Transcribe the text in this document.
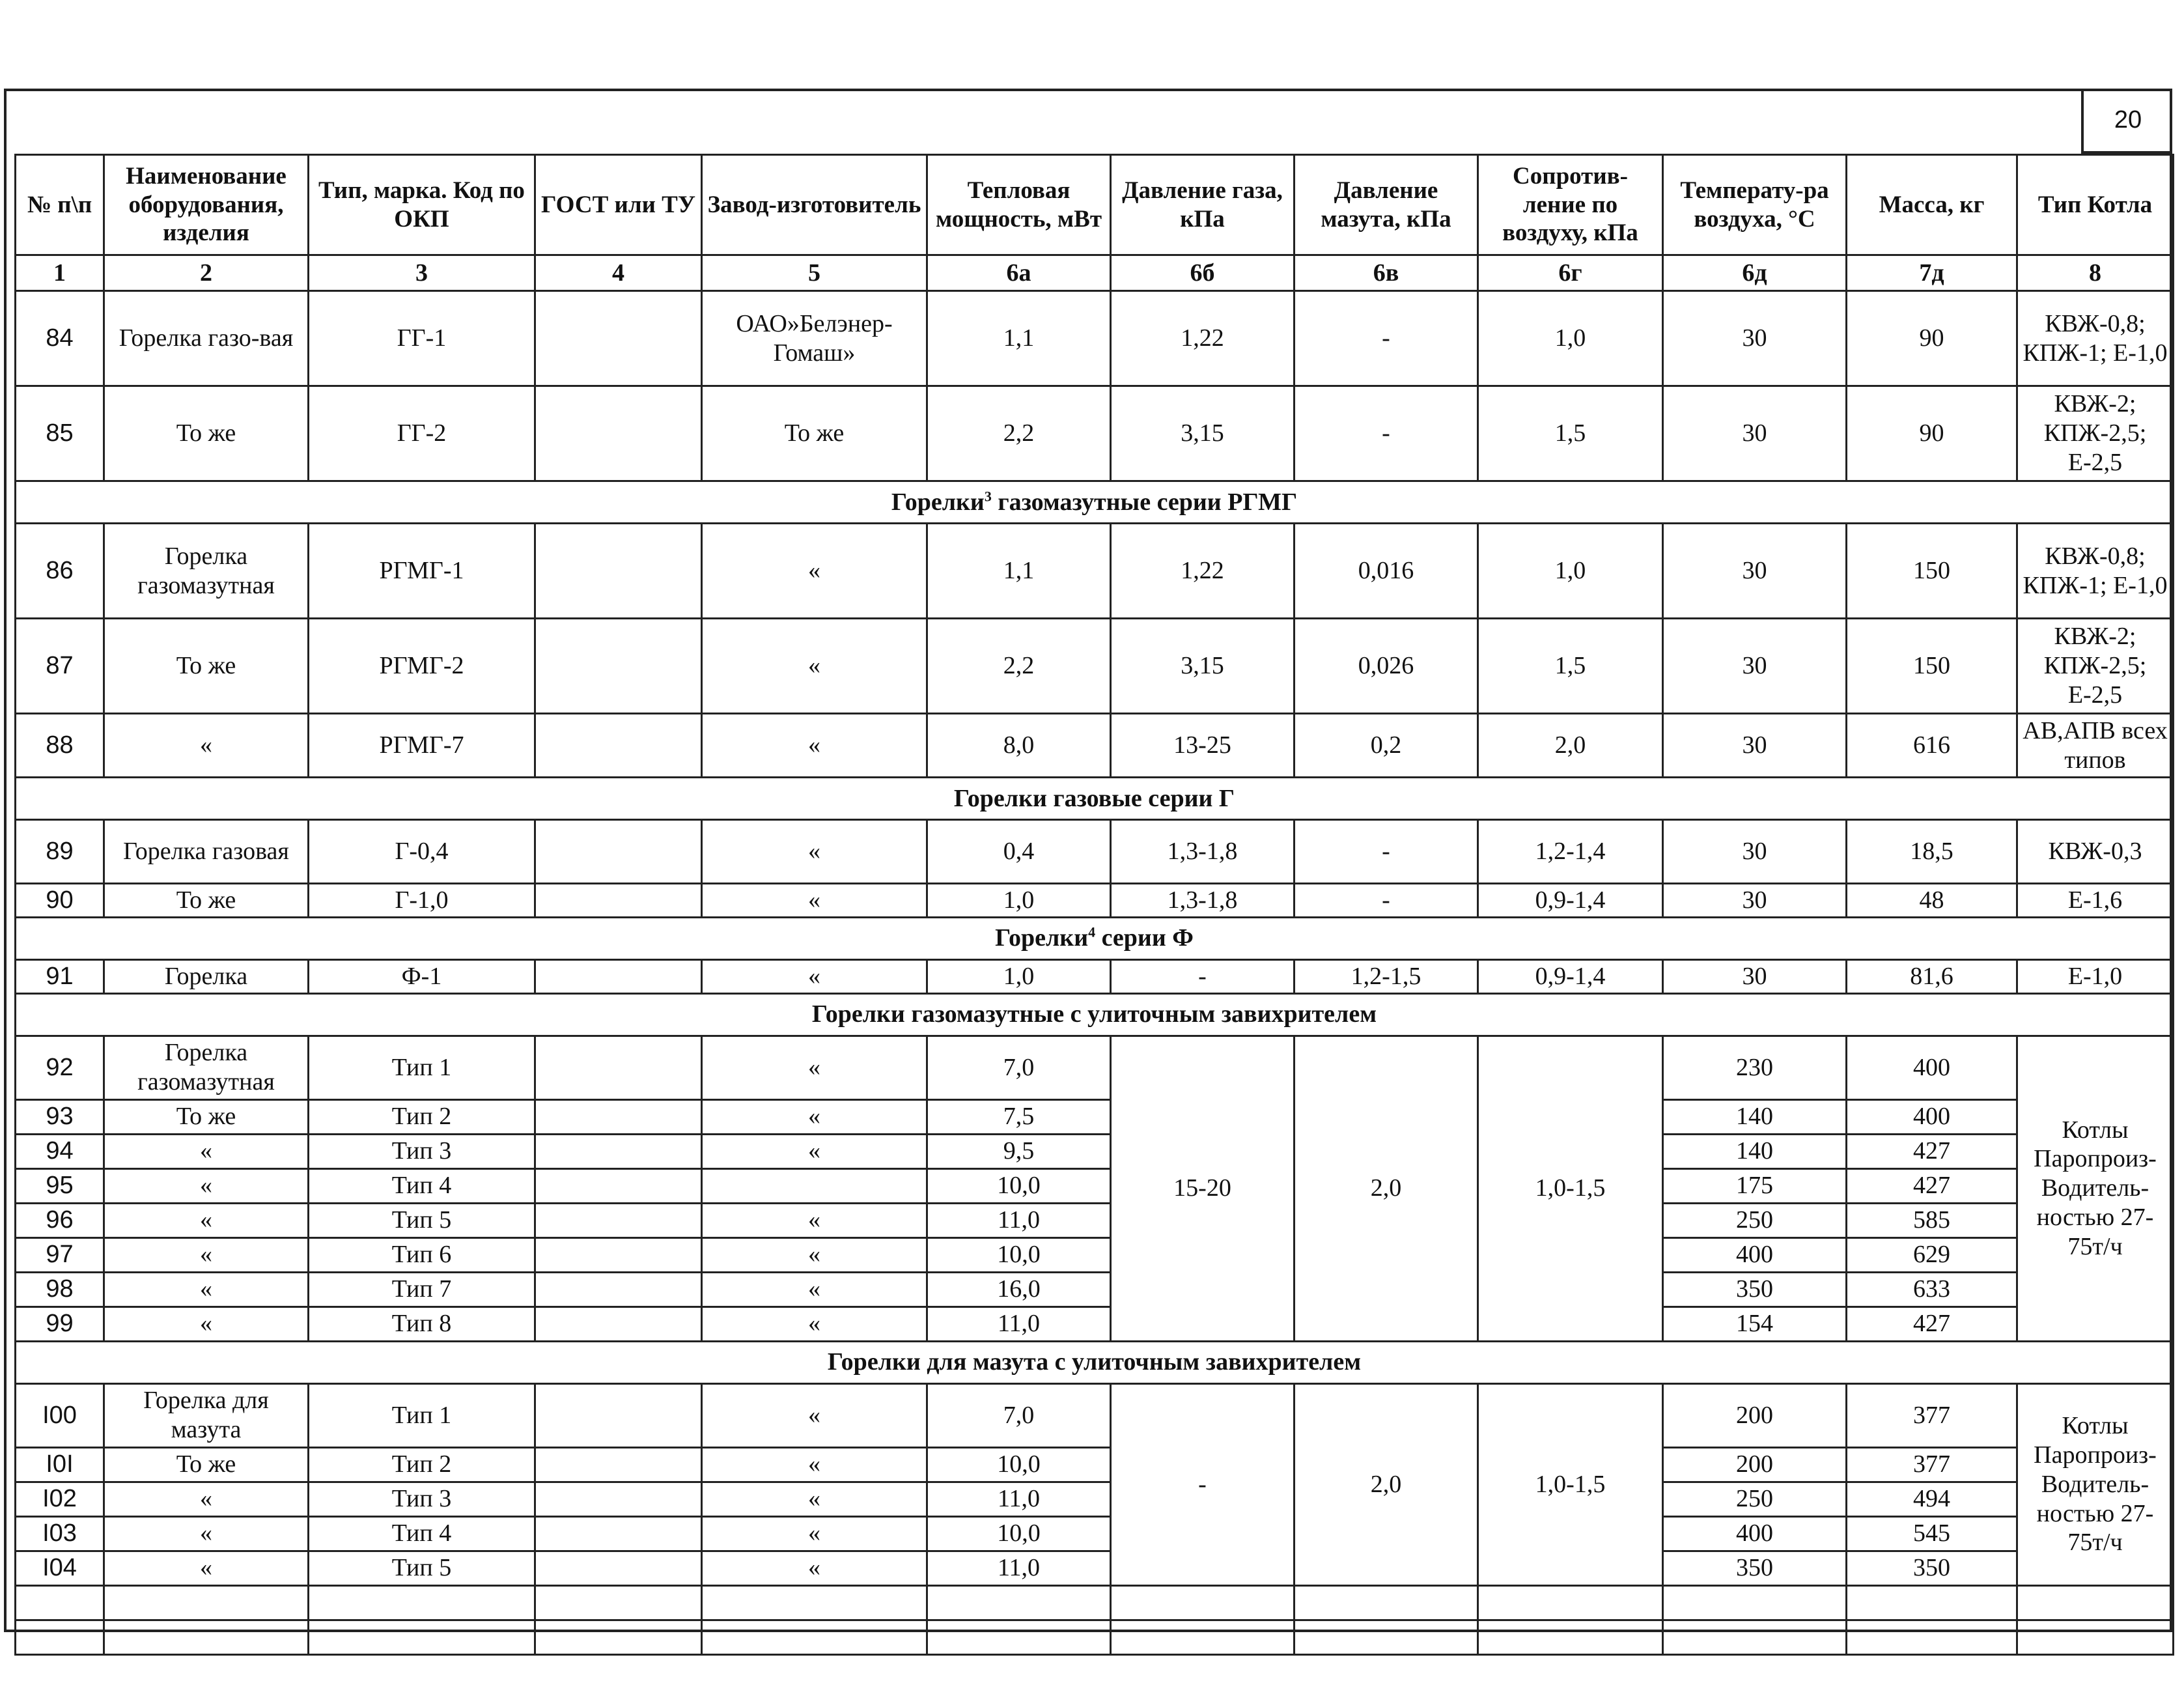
20
№ п\п	Наименование оборудования, изделия	Тип, марка. Код по ОКП	ГОСТ или ТУ	Завод-изготовитель	Тепловая мощность, мВт	Давление газа, кПа	Давление мазута, кПа	Сопротив-ление по воздуху, кПа	Температу-ра воздуха, °С	Масса, кг	Тип Котла
1	2	3	4	5	6а	6б	6в	6г	6д	7д	8
84	Горелка газо-вая	ГГ-1		ОАО»Белэнер-Гомаш»	1,1	1,22	-	1,0	30	90	КВЖ-0,8; КПЖ-1; Е-1,0
85	То же	ГГ-2		То же	2,2	3,15	-	1,5	30	90	КВЖ-2; КПЖ-2,5; Е-2,5
Горелки$^3$ газомазутные серии РГМГ											
86	Горелка газомазутная	РГМГ-1		«	1,1	1,22	0,016	1,0	30	150	КВЖ-0,8; КПЖ-1; Е-1,0
87	То же	РГМГ-2		«	2,2	3,15	0,026	1,5	30	150	КВЖ-2; КПЖ-2,5; Е-2,5
88	«	РГМГ-7		«	8,0	13-25	0,2	2,0	30	616	АВ,АПВ всех типов
Горелки газовые серии Г											
89	Горелка газовая	Г-0,4		«	0,4	1,3-1,8	-	1,2-1,4	30	18,5	КВЖ-0,3
90	То же	Г-1,0		«	1,0	1,3-1,8	-	0,9-1,4	30	48	Е-1,6
Горелки$^4$ серии Ф											
91	Горелка	Ф-1		«	1,0	-	1,2-1,5	0,9-1,4	30	81,6	Е-1,0
Горелки газомазутные с улиточным завихрителем											
92	Горелка газомазутная	Тип 1		«	7,0	15-20	2,0	1,0-1,5	230	400	Котлы Паропроиз-Водитель-ностью 27-75т/ч
93	То же	Тип 2		«	7,5				140	400	
94	«	Тип 3		«	9,5				140	427	
95	«	Тип 4			10,0				175	427	
96	«	Тип 5		«	11,0				250	585	
97	«	Тип 6		«	10,0				400	629	
98	«	Тип 7		«	16,0				350	633	
99	«	Тип 8		«	11,0				154	427	
Горелки для мазута с улиточным завихрителем											
I00	Горелка для мазута	Тип 1		«	7,0	-	2,0	1,0-1,5	200	377	Котлы Паропроиз-Водитель-ностью 27-75т/ч
I0I	То же	Тип 2		«	10,0				200	377	
I02	«	Тип 3		«	11,0				250	494	
I03	«	Тип 4		«	10,0				400	545	
I04	«	Тип 5		«	11,0				350	350	
